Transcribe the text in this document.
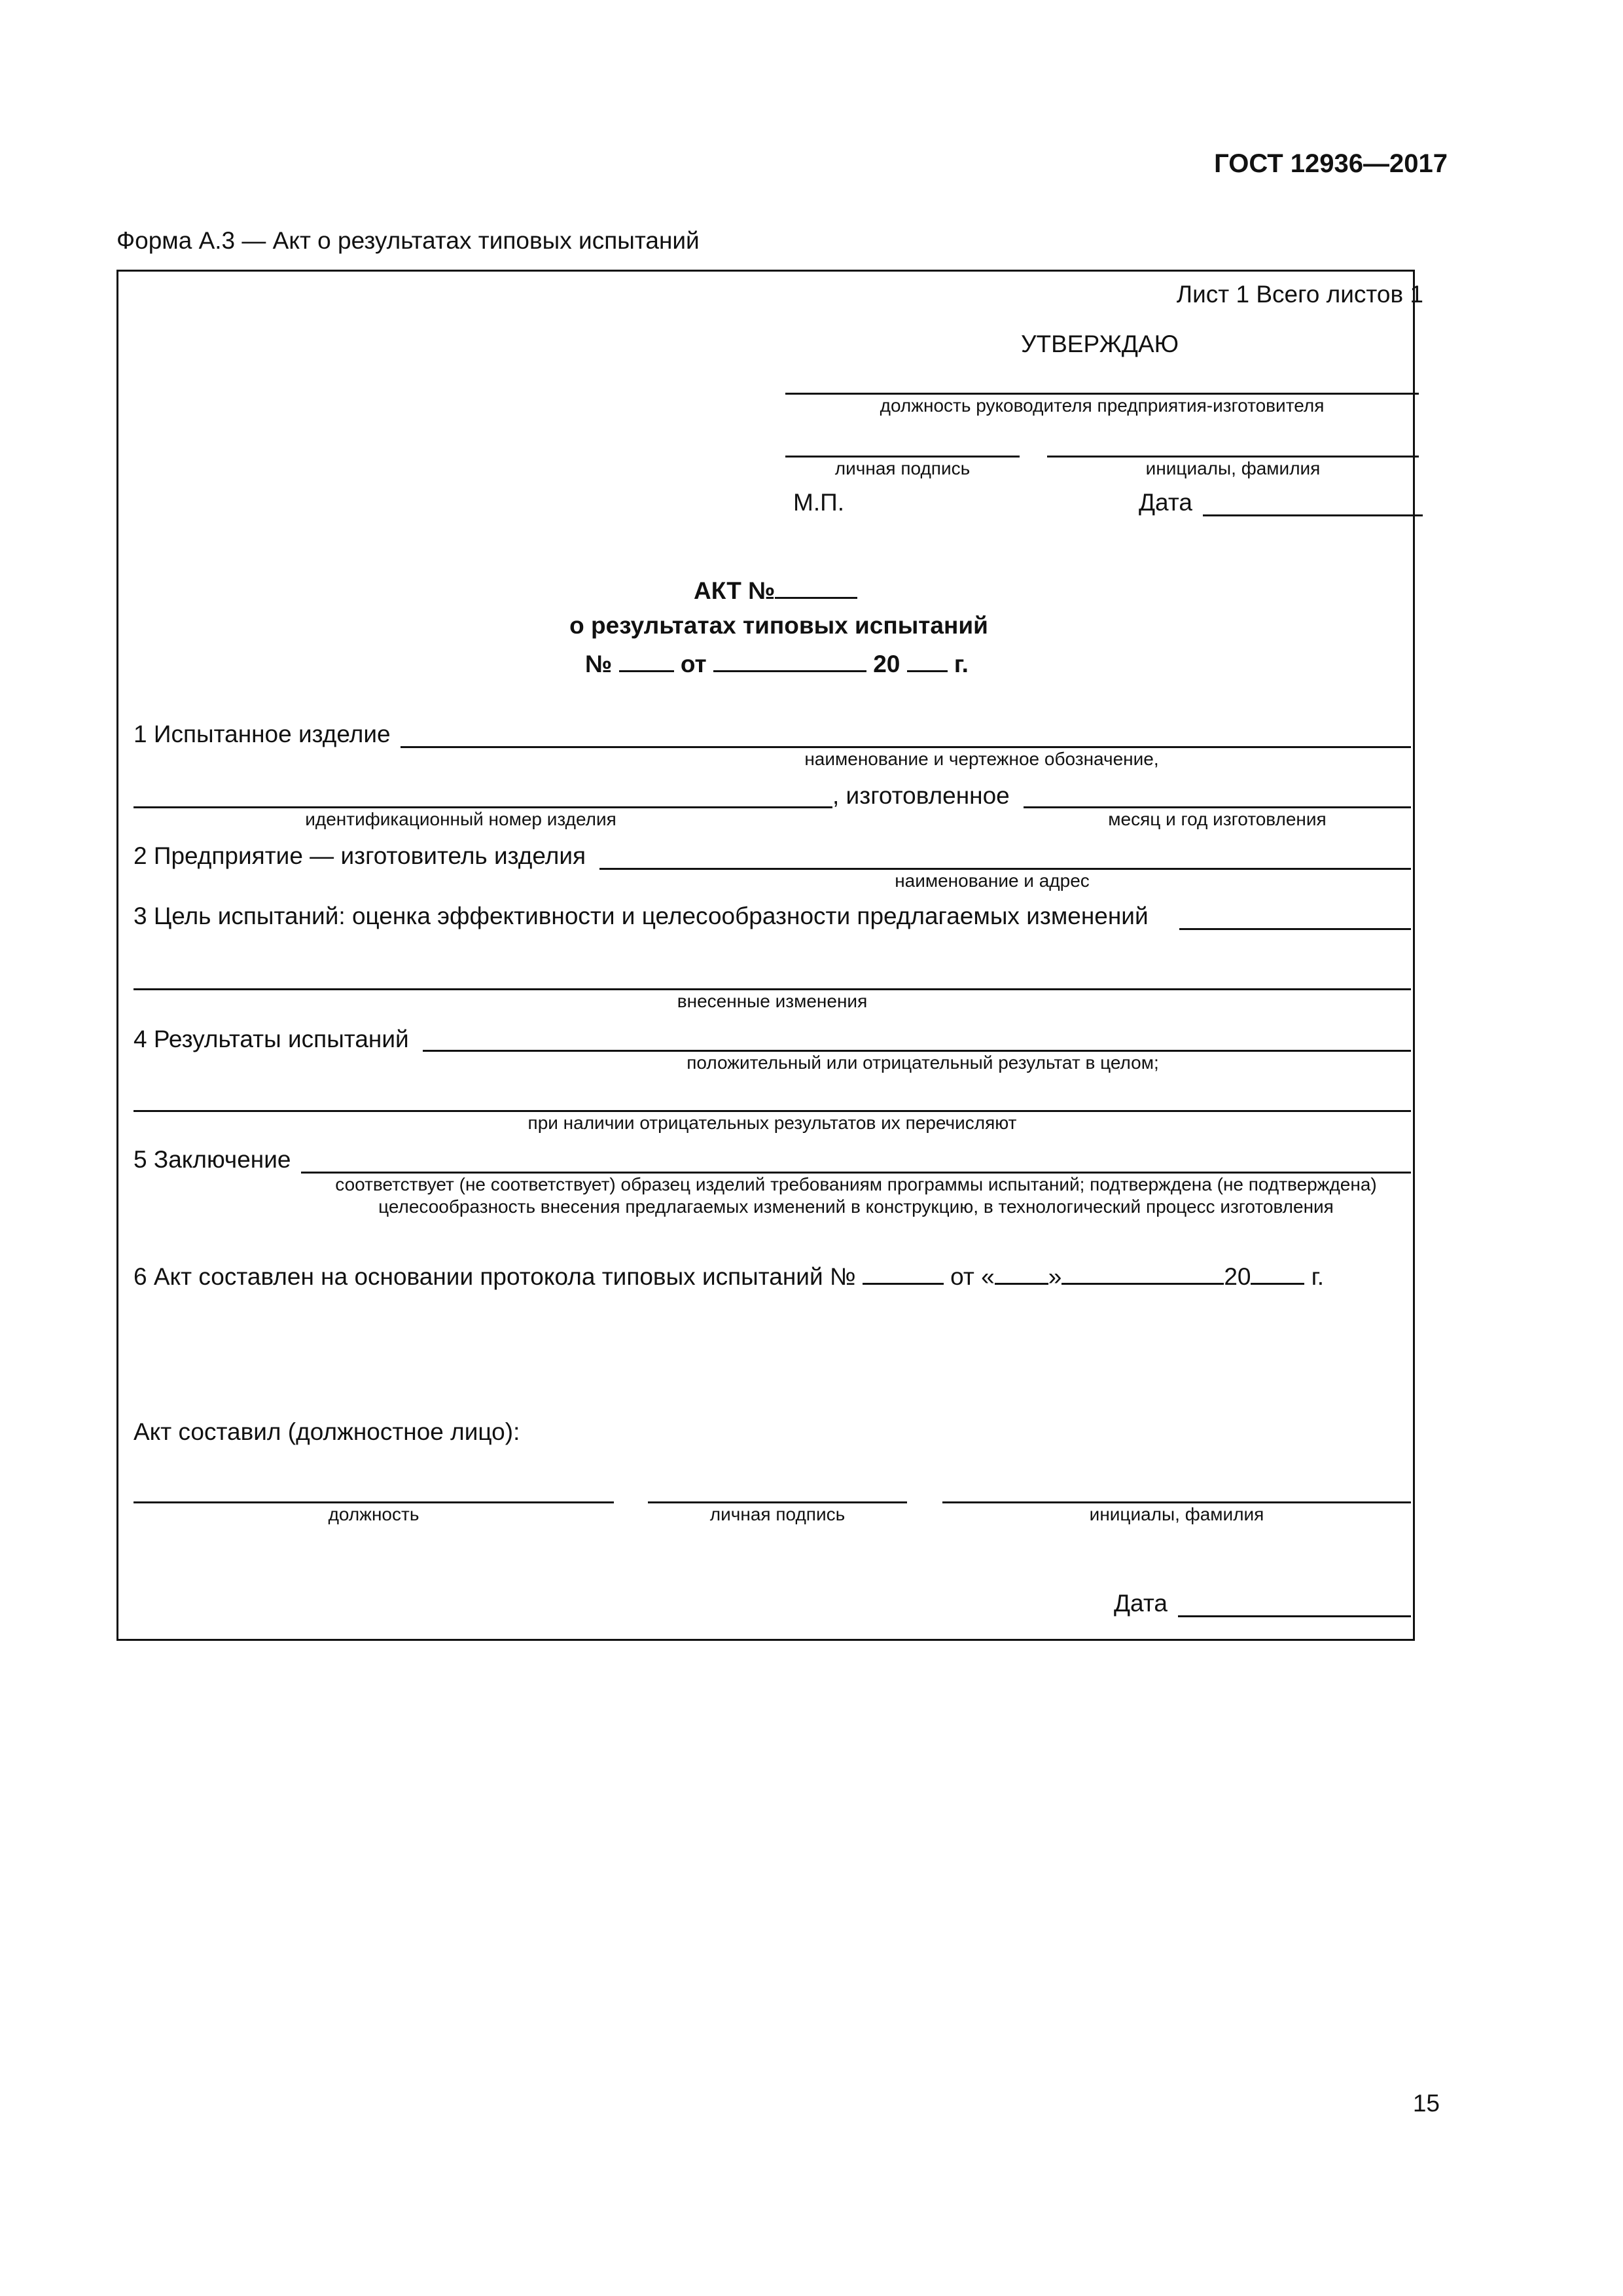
ГОСТ 12936—2017
Форма А.3 — Акт о результатах типовых испытаний
Лист 1 Всего листов 1
УТВЕРЖДАЮ
должность руководителя предприятия-изготовителя
личная подпись	инициалы, фамилия
М.П.	Дата
АКТ №
о результатах типовых испытаний
№	от	20 г.
1 Испытанное изделие
наименование и чертежное обозначение,
, изготовленное
идентификационный номер изделия	месяц и год изготовления
2 Предприятие — изготовитель изделия
наименование и адрес
3 Цель испытаний: оценка эффективности и целесообразности предлагаемых изменений
внесенные изменения
4 Результаты испытаний
положительный или отрицательный результат в целом;
при наличии отрицательных результатов их перечисляют
5 Заключение
соответствует (не соответствует) образец изделий требованиям программы испытаний; подтверждена (не подтверждена)
целесообразность внесения предлагаемых изменений в конструкцию, в технологический процесс изготовления
6 Акт составлен на основании протокола типовых испытаний №	от « »	20 г.
Акт составил (должностное лицо):
должность	личная подпись	инициалы, фамилия
Дата
15
